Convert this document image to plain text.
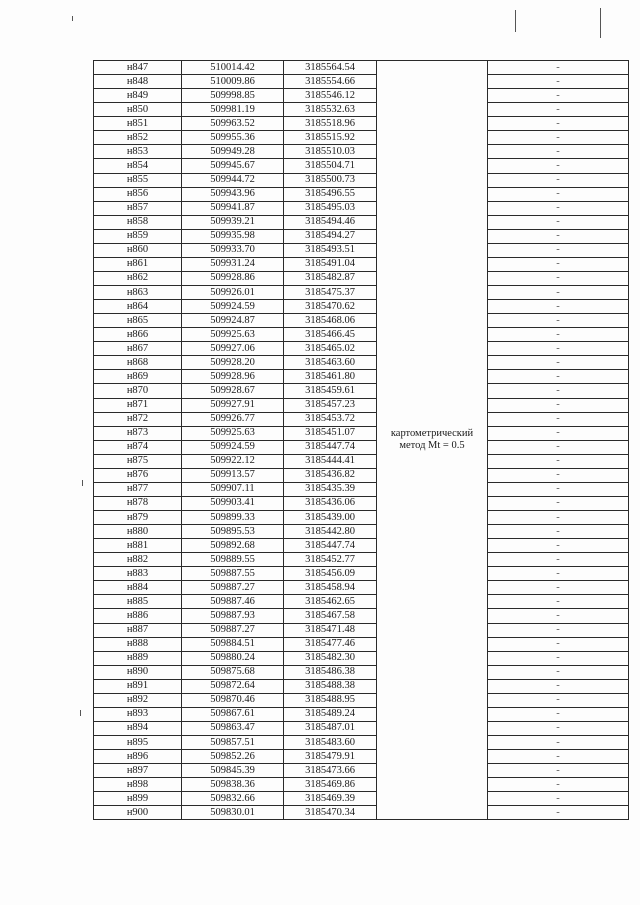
н847	510014.42	3185564.54	картометрический метод Mt = 0.5	-
н848	510009.86	3185554.66		-
н849	509998.85	3185546.12		-
н850	509981.19	3185532.63		-
н851	509963.52	3185518.96		-
н852	509955.36	3185515.92		-
н853	509949.28	3185510.03		-
н854	509945.67	3185504.71		-
н855	509944.72	3185500.73		-
н856	509943.96	3185496.55		-
н857	509941.87	3185495.03		-
н858	509939.21	3185494.46		-
н859	509935.98	3185494.27		-
н860	509933.70	3185493.51		-
н861	509931.24	3185491.04		-
н862	509928.86	3185482.87		-
н863	509926.01	3185475.37		-
н864	509924.59	3185470.62		-
н865	509924.87	3185468.06		-
н866	509925.63	3185466.45		-
н867	509927.06	3185465.02		-
н868	509928.20	3185463.60		-
н869	509928.96	3185461.80		-
н870	509928.67	3185459.61		-
н871	509927.91	3185457.23		-
н872	509926.77	3185453.72		-
н873	509925.63	3185451.07		-
н874	509924.59	3185447.74		-
н875	509922.12	3185444.41		-
н876	509913.57	3185436.82		-
н877	509907.11	3185435.39		-
н878	509903.41	3185436.06		-
н879	509899.33	3185439.00		-
н880	509895.53	3185442.80		-
н881	509892.68	3185447.74		-
н882	509889.55	3185452.77		-
н883	509887.55	3185456.09		-
н884	509887.27	3185458.94		-
н885	509887.46	3185462.65		-
н886	509887.93	3185467.58		-
н887	509887.27	3185471.48		-
н888	509884.51	3185477.46		-
н889	509880.24	3185482.30		-
н890	509875.68	3185486.38		-
н891	509872.64	3185488.38		-
н892	509870.46	3185488.95		-
н893	509867.61	3185489.24		-
н894	509863.47	3185487.01		-
н895	509857.51	3185483.60		-
н896	509852.26	3185479.91		-
н897	509845.39	3185473.66		-
н898	509838.36	3185469.86		-
н899	509832.66	3185469.39		-
н900	509830.01	3185470.34		-
